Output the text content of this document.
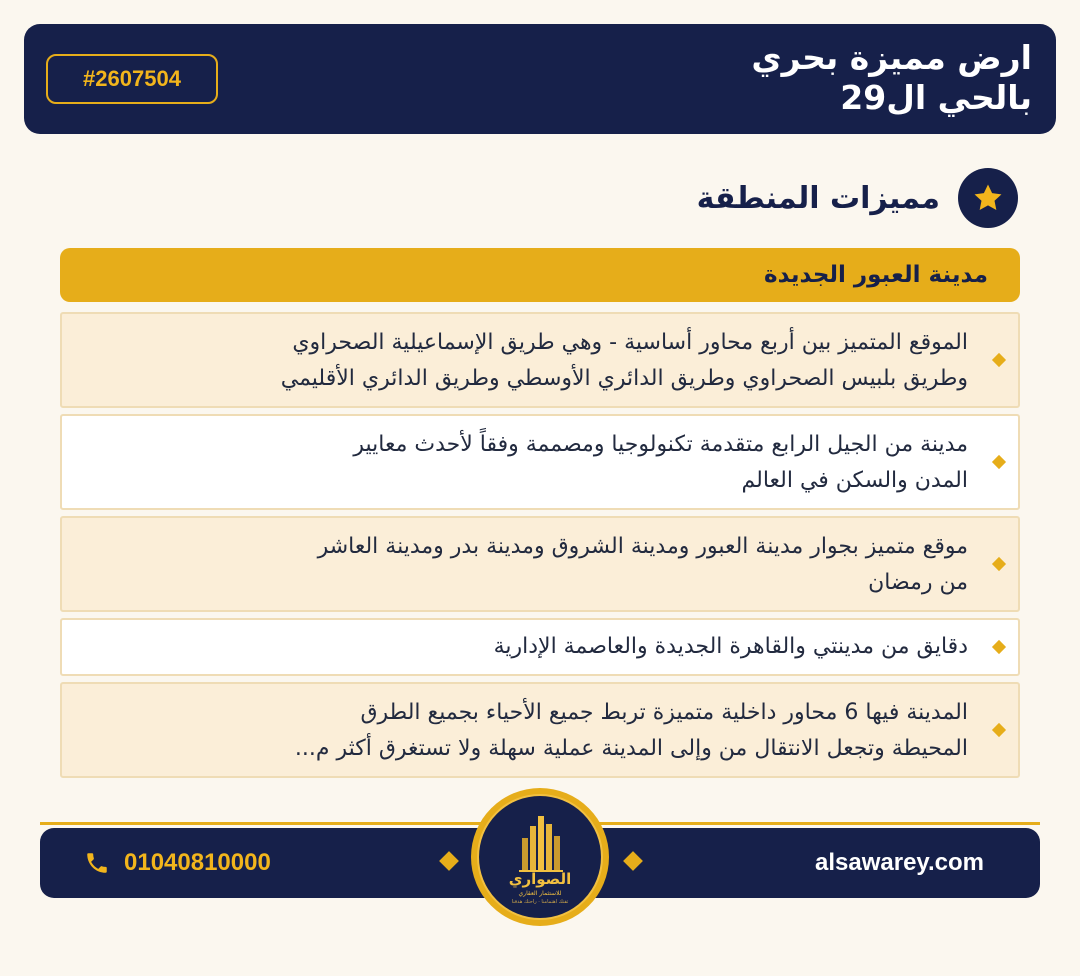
ارض مميزة بحري
بالحي ال29
#2607504
مميزات المنطقة
مدينة العبور الجديدة
الموقع المتميز بين أربع محاور أساسية - وهي طريق الإسماعيلية الصحراوي
وطريق بلبيس الصحراوي وطريق الدائري الأوسطي وطريق الدائري الأقليمي
مدينة من الجيل الرابع متقدمة تكنولوجيا ومصممة وفقاً لأحدث معايير
المدن والسكن في العالم
موقع متميز بجوار مدينة العبور ومدينة الشروق ومدينة بدر ومدينة العاشر
من رمضان
دقايق من مدينتي والقاهرة الجديدة والعاصمة الإدارية
المدينة فيها 6 محاور داخلية متميزة تربط جميع الأحياء بجميع الطرق
المحيطة وتجعل الانتقال من وإلى المدينة عملية سهلة ولا تستغرق أكثر م...
01040810000	alsawarey.com
الصواري
للاستثمار العقاري
ثقتك اهتمامنا · راحتك هدفنا
